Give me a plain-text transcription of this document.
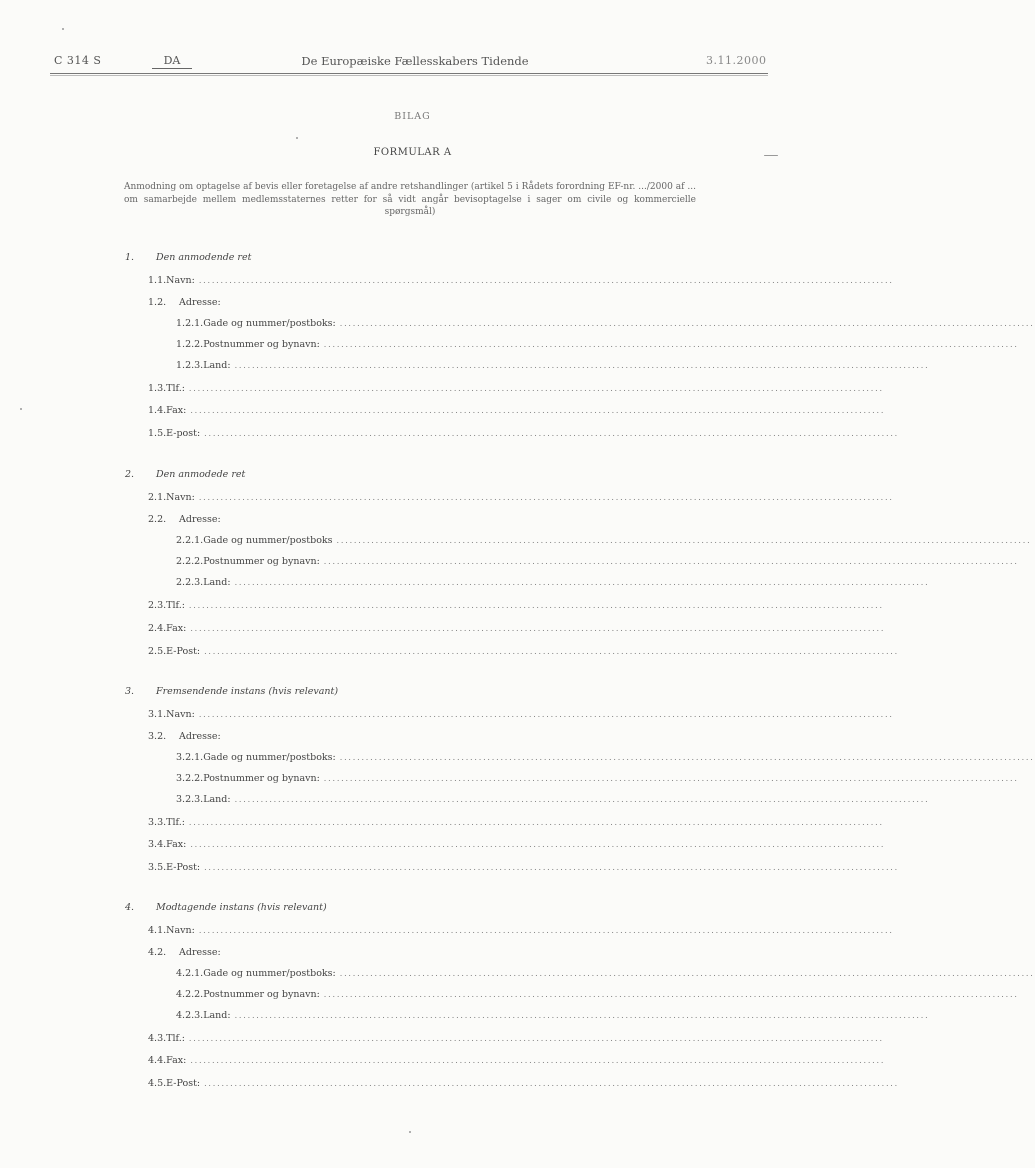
C 314 S	DA	De Europæiske Fællesskabers Tidende	3.11.2000
BILAG
FORMULAR A
Anmodning om optagelse af bevis eller foretagelse af andre retshandlinger (artikel 5 i Rådets forordning EF-nr. .../2000 af ... om samarbejde mellem medlemsstaternes retter for så vidt angår bevisoptagelse i sager om civile og kommercielle spørgsmål)
1. Den anmodende ret
1.1. Navn: ................................................................................................................................................................
1.2.	Adresse:
1.2.1. Gade og nummer/postboks: ................................................................................................................................................................
1.2.2. Postnummer og bynavn: ................................................................................................................................................................
1.2.3. Land: ................................................................................................................................................................
1.3. Tlf.: ................................................................................................................................................................
1.4. Fax: ................................................................................................................................................................
1.5. E-post: ................................................................................................................................................................
2. Den anmodede ret
2.1. Navn: ................................................................................................................................................................
2.2.	Adresse:
2.2.1. Gade og nummer/postboks ................................................................................................................................................................
2.2.2. Postnummer og bynavn: ................................................................................................................................................................
2.2.3. Land: ................................................................................................................................................................
2.3. Tlf.: ................................................................................................................................................................
2.4. Fax: ................................................................................................................................................................
2.5. E-Post: ................................................................................................................................................................
3. Fremsendende instans (hvis relevant)
3.1. Navn: ................................................................................................................................................................
3.2.	Adresse:
3.2.1. Gade og nummer/postboks: ................................................................................................................................................................
3.2.2. Postnummer og bynavn: ................................................................................................................................................................
3.2.3. Land: ................................................................................................................................................................
3.3. Tlf.: ................................................................................................................................................................
3.4. Fax: ................................................................................................................................................................
3.5. E-Post: ................................................................................................................................................................
4. Modtagende instans (hvis relevant)
4.1. Navn: ................................................................................................................................................................
4.2.	Adresse:
4.2.1. Gade og nummer/postboks: ................................................................................................................................................................
4.2.2. Postnummer og bynavn: ................................................................................................................................................................
4.2.3. Land: ................................................................................................................................................................
4.3. Tlf.: ................................................................................................................................................................
4.4. Fax: ................................................................................................................................................................
4.5. E-Post: ................................................................................................................................................................
